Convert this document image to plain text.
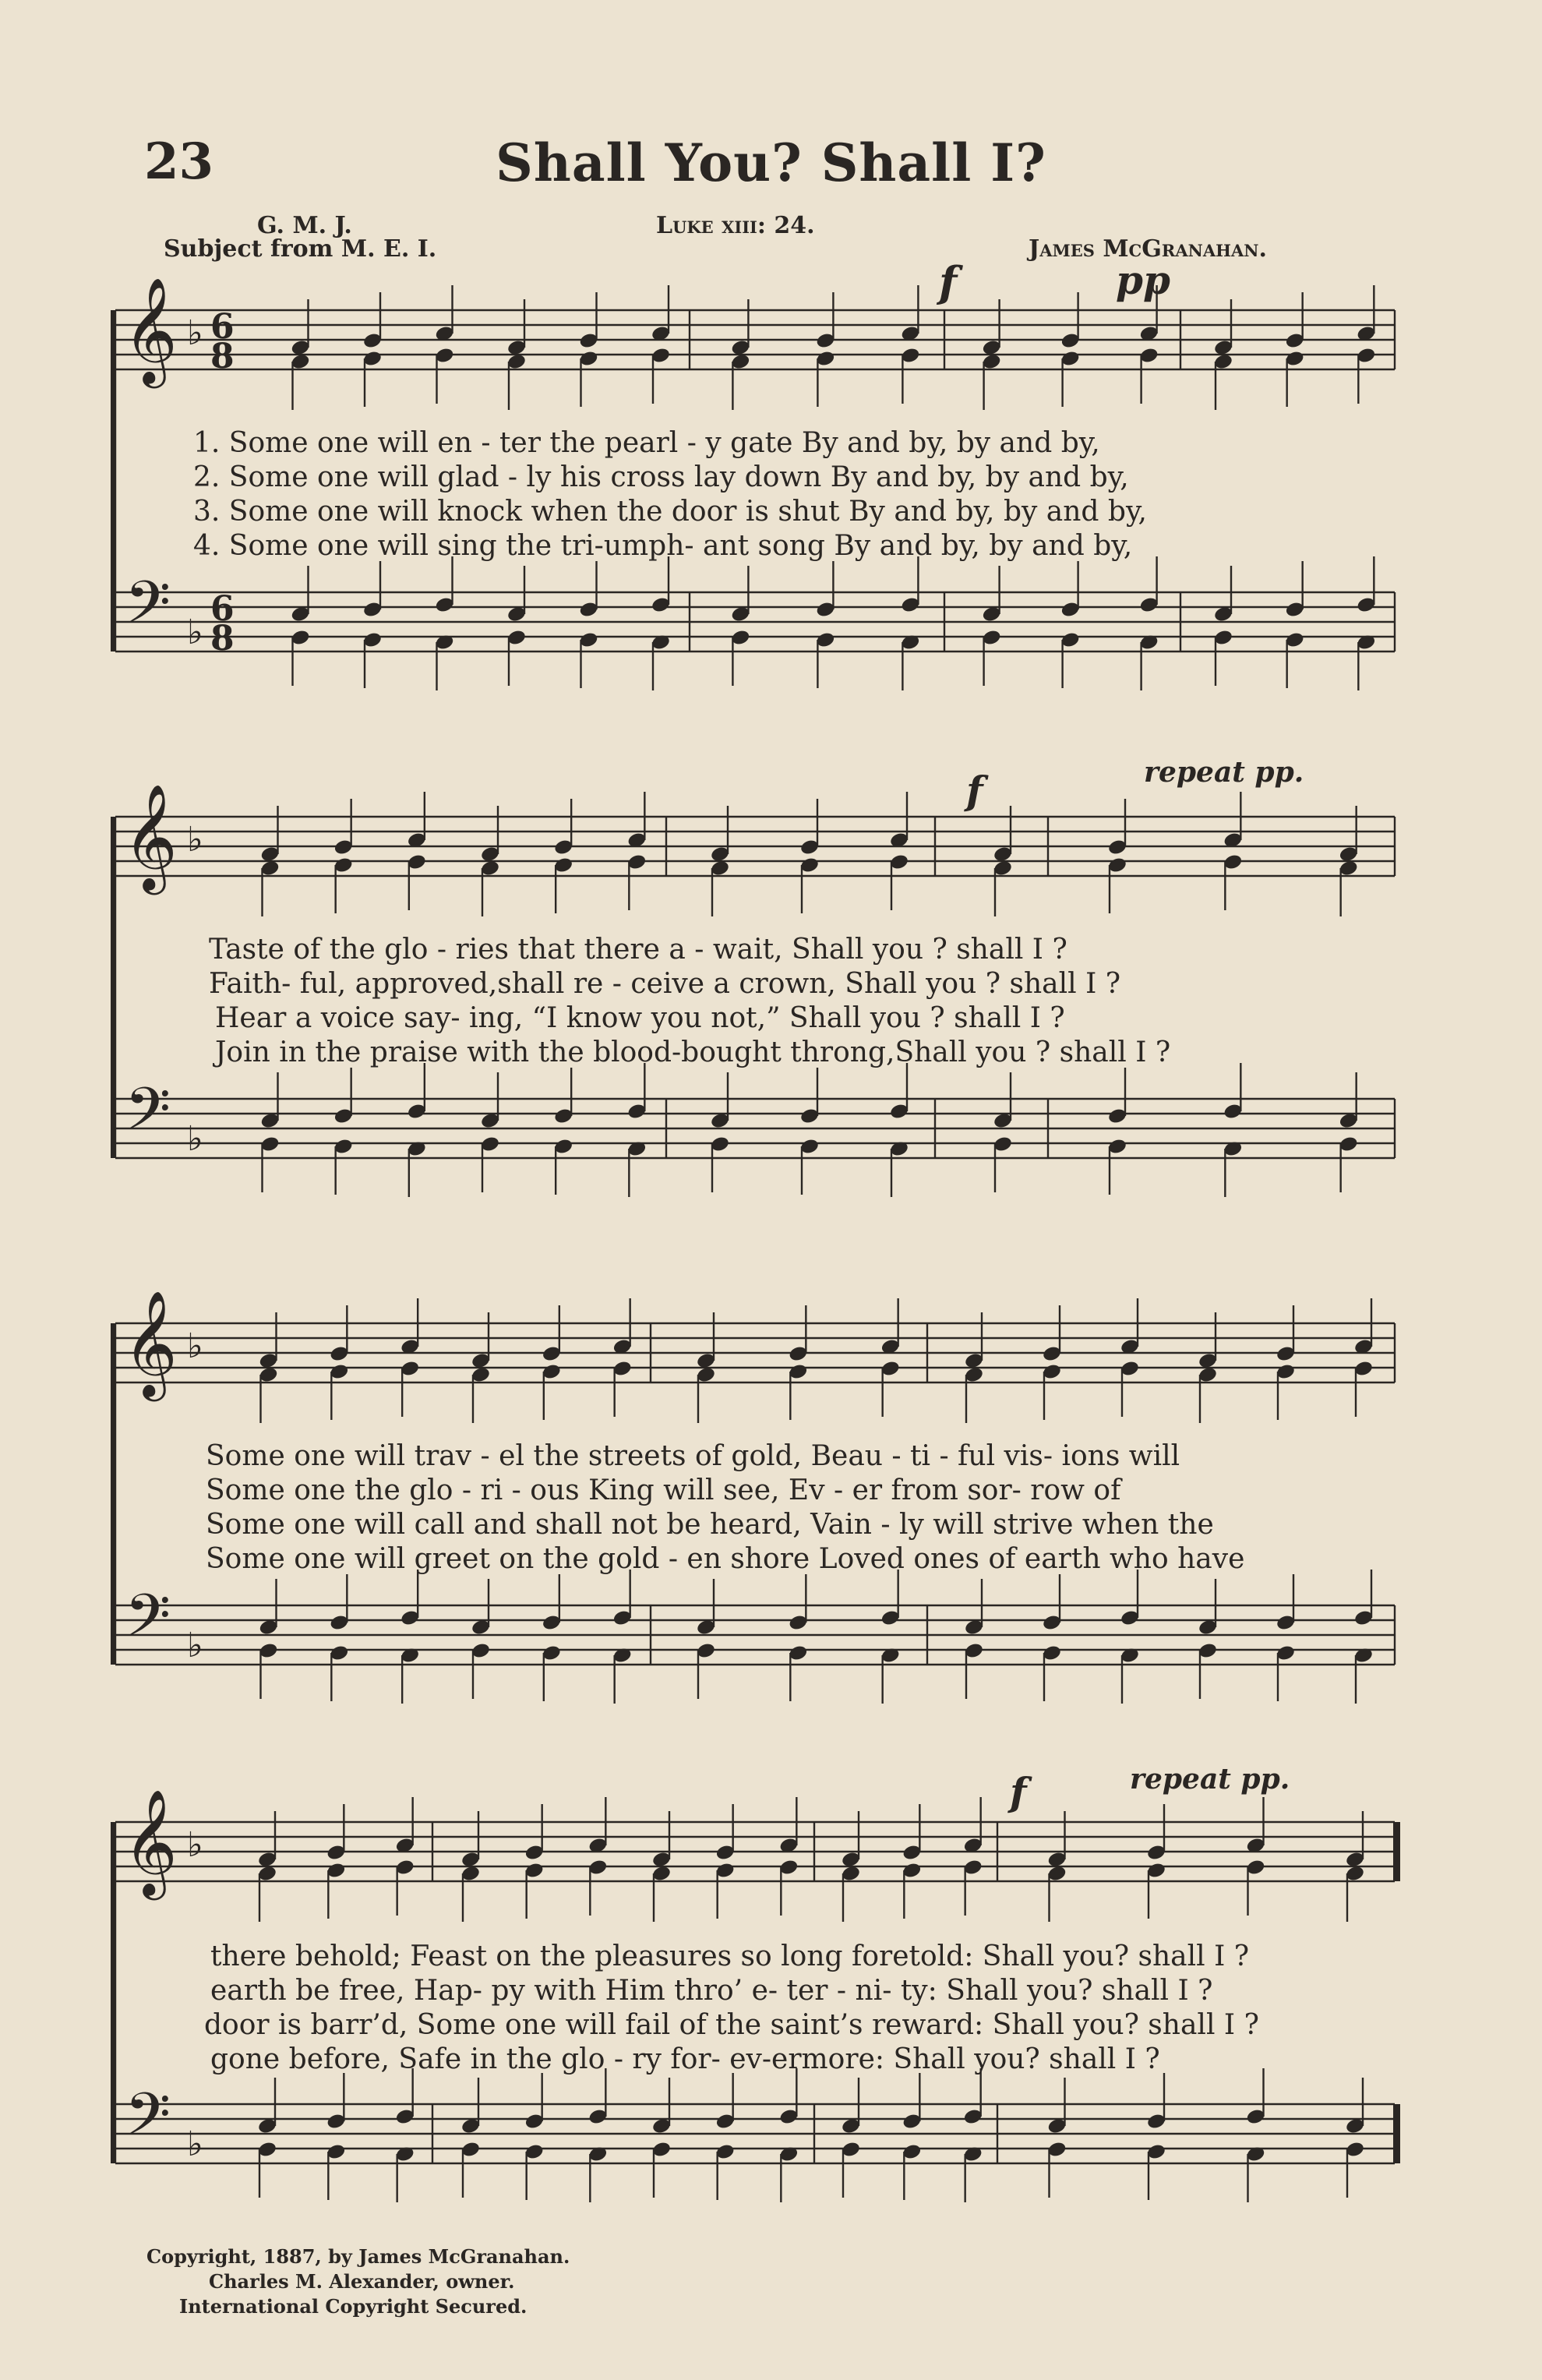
23	Shall You? Shall I?
G. M. J.
Subject from M. E. I.
Luke xiii: 24.
James McGranahan.
f	pp
f	repeat pp.
f	repeat pp.
𝄞
𝄢
♭
♭
6
6
8
8
𝄞
𝄢
♭
♭
𝄞
𝄢
♭
♭
𝄞
𝄢
♭
♭
1. Some one will en - ter the pearl - y gate By and by, by and by,
2. Some one will glad - ly his cross lay down By and by, by and by,
3. Some one will knock when the door is shut By and by, by and by,
4. Some one will sing the tri-umph- ant song By and by, by and by,
Taste of the glo - ries that there a - wait, Shall you ? shall I ?
Faith- ful, approved,shall re - ceive a crown, Shall you ? shall I ?
Hear a voice say- ing, “I know you not,” Shall you ? shall I ?
Join in the praise with the blood-bought throng,Shall you ? shall I ?
Some one will trav - el the streets of gold, Beau - ti - ful vis- ions will
Some one the glo - ri - ous King will see, Ev - er from sor- row of
Some one will call and shall not be heard, Vain - ly will strive when the
Some one will greet on the gold - en shore Loved ones of earth who have
there behold; Feast on the pleasures so long foretold: Shall you? shall I ?
earth be free, Hap- py with Him thro’ e- ter - ni- ty: Shall you? shall I ?
door is barr’d, Some one will fail of the saint’s reward: Shall you? shall I ?
gone before, Safe in the glo - ry for- ev-ermore: Shall you? shall I ?
Copyright, 1887, by James McGranahan.
Charles M. Alexander, owner.
International Copyright Secured.
